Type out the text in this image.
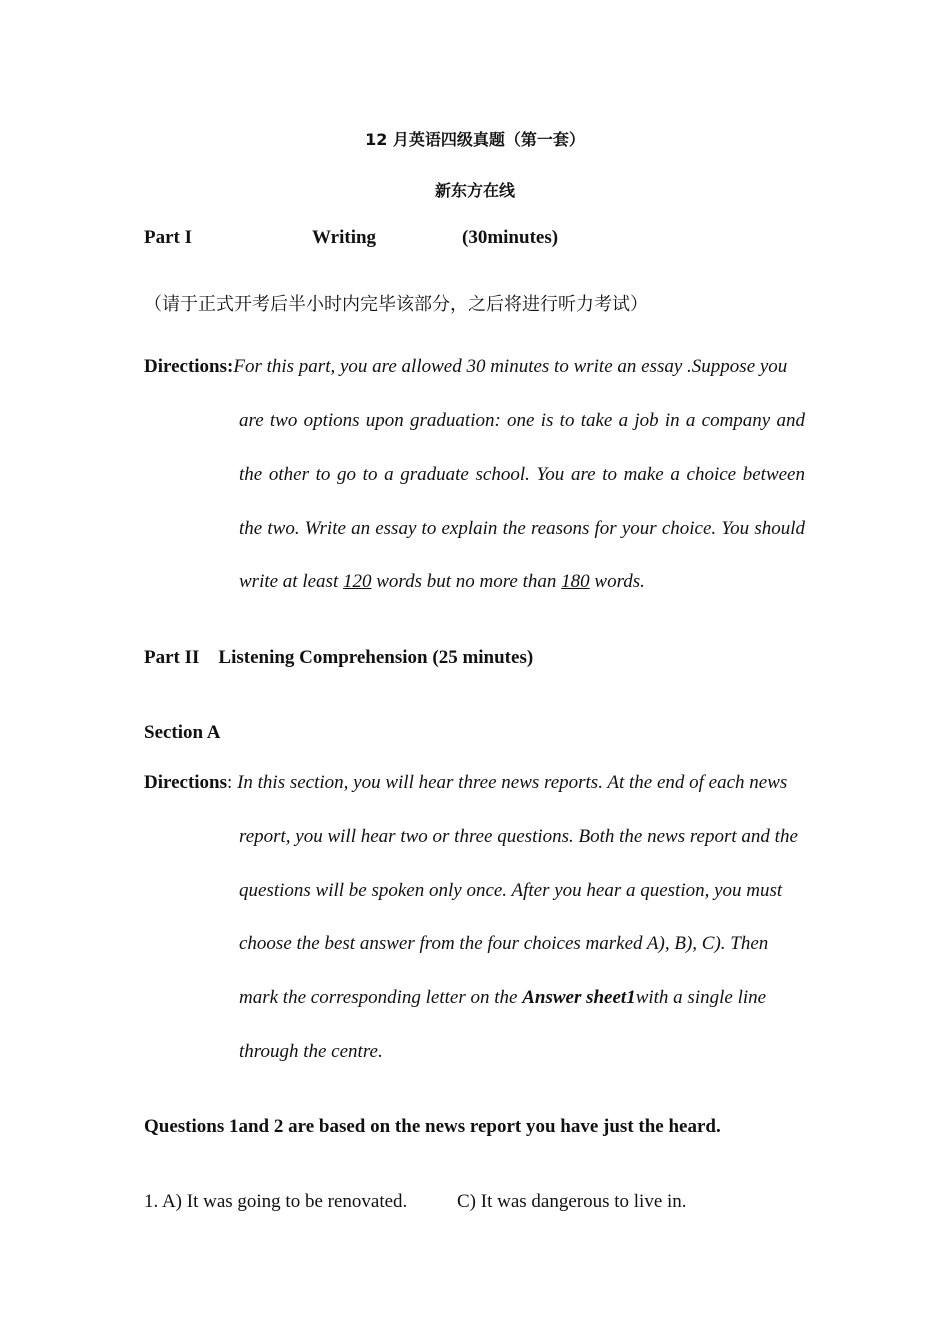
12 月英语四级真题（第一套）
新东方在线
Part I	Writing	(30minutes)
（请于正式开考后半小时内完毕该部分，之后将进行听力考试）
Directions:For this part, you are allowed 30 minutes to write an essay .Suppose you
are two options upon graduation: one is to take a job in a company and
the other to go to a graduate school. You are to make a choice between
the two. Write an essay to explain the reasons for your choice. You should
write at least 120 words but no more than 180 words.
Part II    Listening Comprehension (25 minutes)
Section A
Directions: In this section, you will hear three news reports. At the end of each news
report, you will hear two or three questions. Both the news report and the
questions will be spoken only once. After you hear a question, you must
choose the best answer from the four choices marked A), B), C). Then
mark the corresponding letter on the Answer sheet1with a single line
through the centre.
Questions 1and 2 are based on the news report you have just the heard.
1. A) It was going to be renovated.	C) It was dangerous to live in.
